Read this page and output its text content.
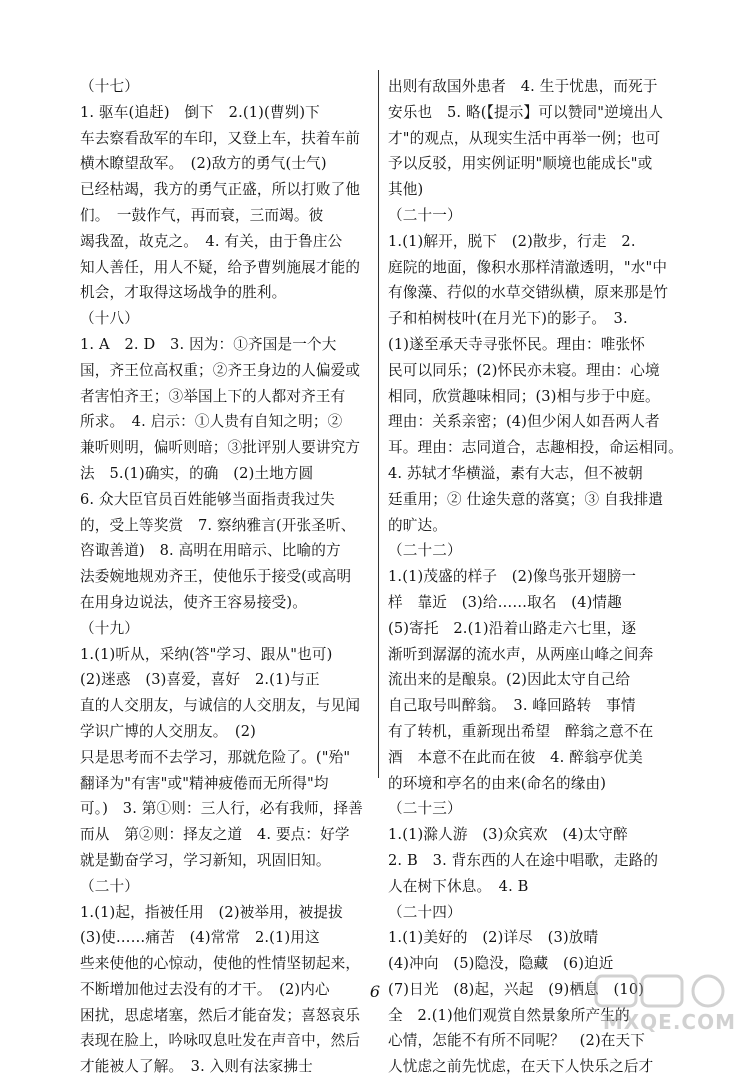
（十七）
1. 驱车(追赶)　倒下　2.(1)(曹刿)下
车去察看敌军的车印，又登上车，扶着车前
横木瞭望敌军。　(2)敌方的勇气(士气)
已经枯竭，我方的勇气正盛，所以打败了他
们。　一鼓作气，再而衰，三而竭。彼
竭我盈，故克之。　4. 有关，由于鲁庄公
知人善任，用人不疑，给予曹刿施展才能的
机会，才取得这场战争的胜利。
（十八）
1. A　2. D　3. 因为：①齐国是一个大
国，齐王位高权重；②齐王身边的人偏爱或
者害怕齐王；③举国上下的人都对齐王有
所求。　4. 启示：①人贵有自知之明；②
兼听则明，偏听则暗；③批评别人要讲究方
法　5.(1)确实，的确　(2)土地方圆
6. 众大臣官员百姓能够当面指责我过失
的，受上等奖赏　7. 察纳雅言(开张圣听、
咨诹善道)　8. 高明在用暗示、比喻的方
法委婉地规劝齐王，使他乐于接受(或高明
在用身边说法，使齐王容易接受)。
（十九）
1.(1)听从，采纳(答"学习、跟从"也可)
(2)迷惑　(3)喜爱，喜好　2.(1)与正
直的人交朋友，与诚信的人交朋友，与见闻
学识广博的人交朋友。　(2)
只是思考而不去学习，那就危险了。("殆"
翻译为"有害"或"精神疲倦而无所得"均
可。)　3. 第①则：三人行，必有我师，择善
而从　第②则：择友之道　4. 要点：好学
就是勤奋学习，学习新知，巩固旧知。
（二十）
1.(1)起，指被任用　(2)被举用，被提拔
(3)使……痛苦　(4)常常　2.(1)用这
些来使他的心惊动，使他的性情坚韧起来，
不断增加他过去没有的才干。　(2)内心
困扰，思虑堵塞，然后才能奋发；喜怒哀乐
表现在脸上，吟咏叹息吐发在声音中，然后
才能被人了解。　3. 入则有法家拂士
出则有敌国外患者　4. 生于忧患，而死于
安乐也　5. 略(【提示】可以赞同"逆境出人
才"的观点，从现实生活中再举一例；也可
予以反驳，用实例证明"顺境也能成长"或
其他)
（二十一）
1.(1)解开，脱下　(2)散步，行走　2.
庭院的地面，像积水那样清澈透明，"水"中
有像藻、荇似的水草交错纵横，原来那是竹
子和柏树枝叶(在月光下)的影子。　3.
(1)遂至承天寺寻张怀民。理由：唯张怀
民可以同乐；(2)怀民亦未寝。理由：心境
相同，欣赏趣味相同；(3)相与步于中庭。
理由：关系亲密；(4)但少闲人如吾两人者
耳。理由：志同道合，志趣相投，命运相同。
4. 苏轼才华横溢，素有大志，但不被朝
廷重用；② 仕途失意的落寞；③ 自我排遣
的旷达。
（二十二）
1.(1)茂盛的样子　(2)像鸟张开翅膀一
样　靠近　(3)给……取名　(4)情趣
(5)寄托　2.(1)沿着山路走六七里，逐
渐听到潺潺的流水声，从两座山峰之间奔
流出来的是酿泉。(2)因此太守自己给
自己取号叫醉翁。　3. 峰回路转　事情
有了转机，重新现出希望　醉翁之意不在
酒　本意不在此而在彼　4. 醉翁亭优美
的环境和亭名的由来(命名的缘由)
（二十三）
1.(1)滁人游　(3)众宾欢　(4)太守醉
2. B　3. 背东西的人在途中唱歌，走路的
人在树下休息。　4. B
（二十四）
1.(1)美好的　(2)详尽　(3)放晴
(4)冲向　(5)隐没，隐藏　(6)迫近
(7)日光　(8)起，兴起　(9)栖息　(10)
全　2.(1)他们观赏自然景象所产生的
心情，怎能不有所不同呢？　(2)在天下
人忧虑之前先忧虑，在天下人快乐之后才
6
MXQE.COM
